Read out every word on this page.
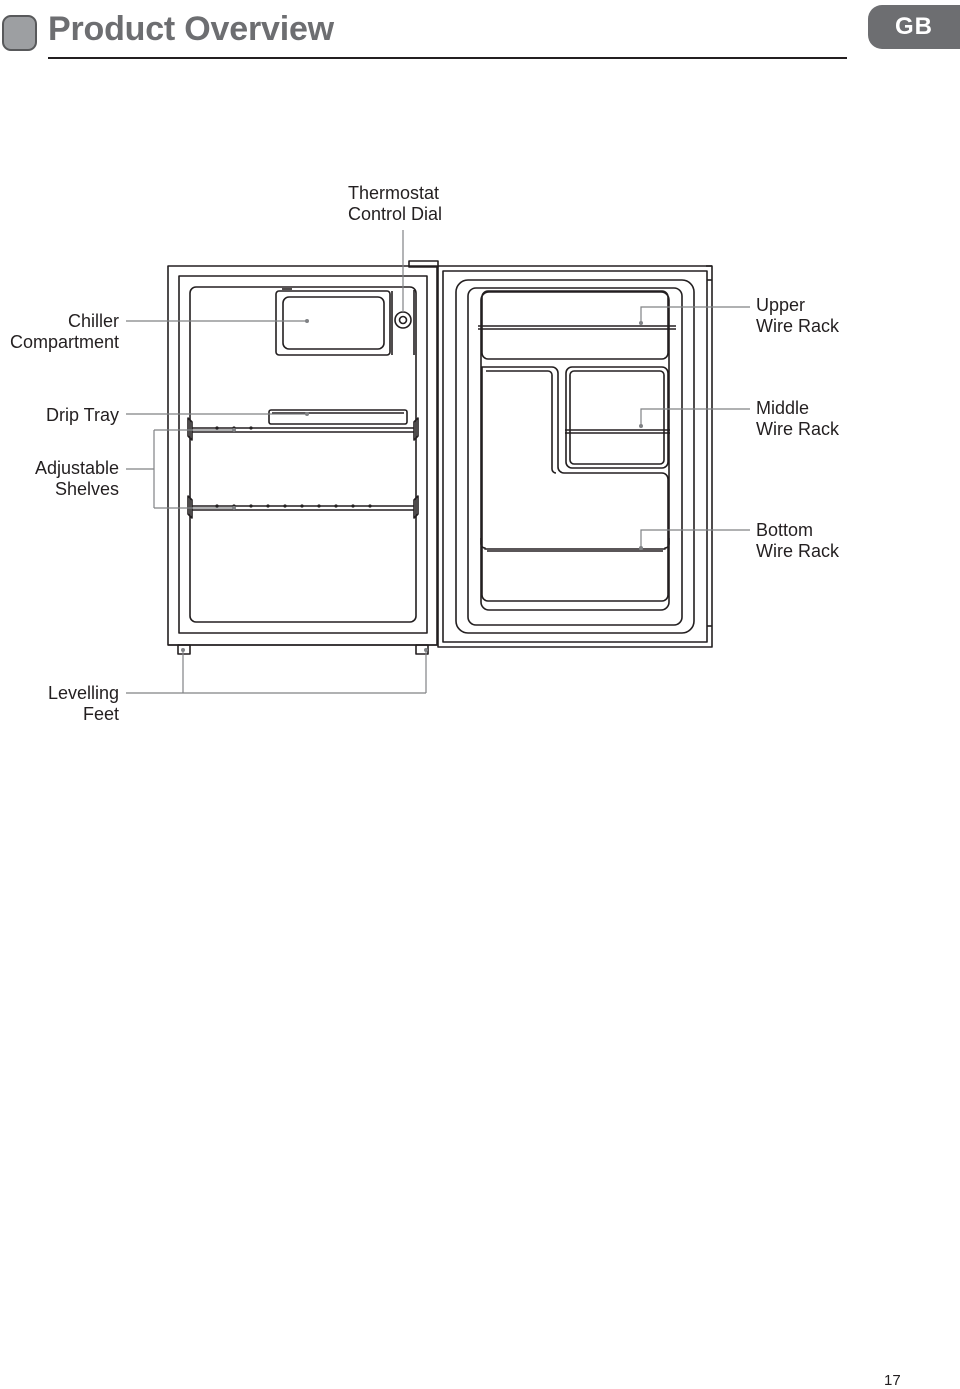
Product Overview	GB
Thermostat
Control Dial
Chiller
Compartment
Drip Tray
Adjustable
Shelves
Levelling
Feet
Upper
Wire Rack
Middle
Wire Rack
Bottom
Wire Rack
17
